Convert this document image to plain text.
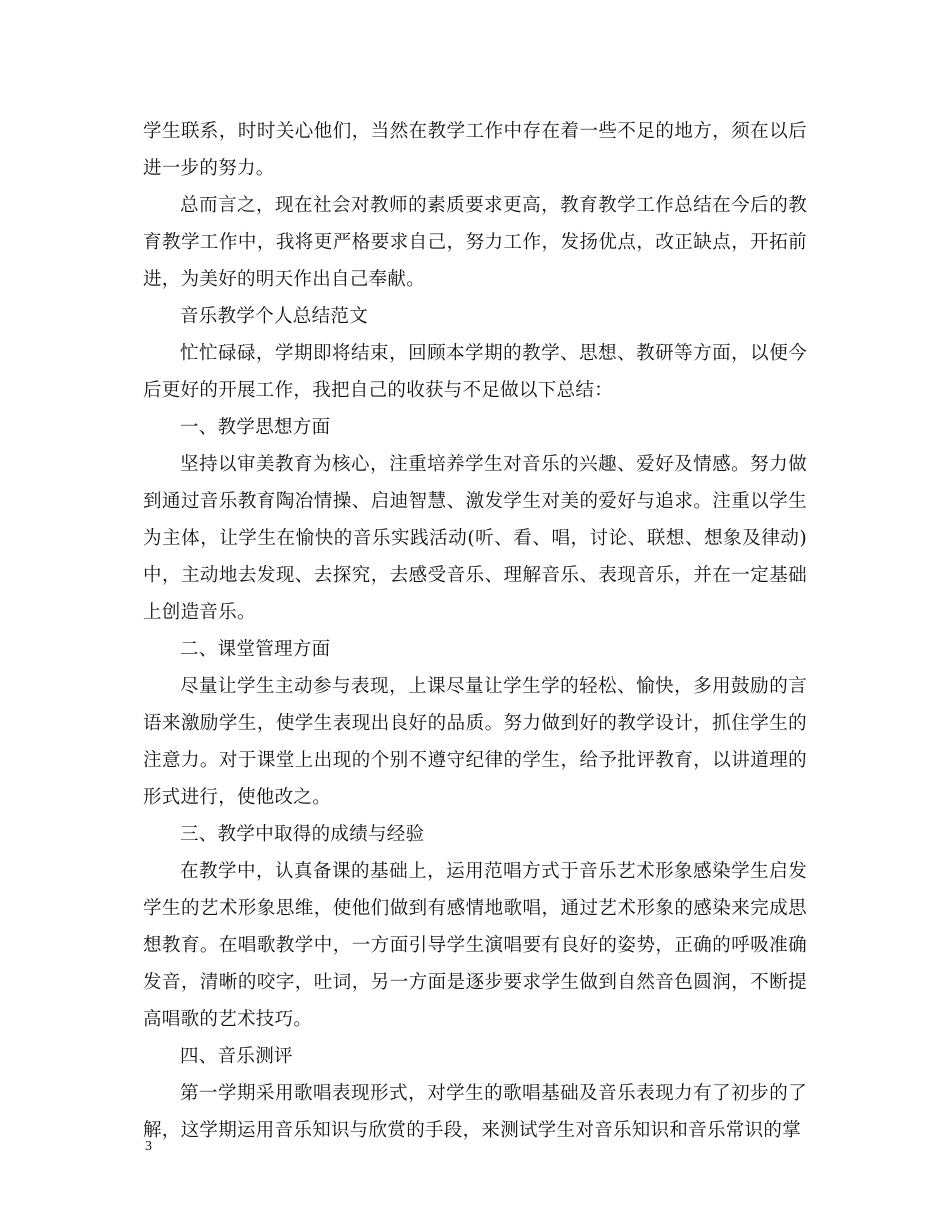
学生联系，时时关心他们，当然在教学工作中存在着一些不足的地方，须在以后进一步的努力。

总而言之，现在社会对教师的素质要求更高，教育教学工作总结在今后的教育教学工作中，我将更严格要求自己，努力工作，发扬优点，改正缺点，开拓前进，为美好的明天作出自己奉献。

音乐教学个人总结范文

忙忙碌碌，学期即将结束，回顾本学期的教学、思想、教研等方面，以便今后更好的开展工作，我把自己的收获与不足做以下总结：

一、教学思想方面

坚持以审美教育为核心，注重培养学生对音乐的兴趣、爱好及情感。努力做到通过音乐教育陶冶情操、启迪智慧、激发学生对美的爱好与追求。注重以学生为主体，让学生在愉快的音乐实践活动(听、看、唱，讨论、联想、想象及律动)中，主动地去发现、去探究，去感受音乐、理解音乐、表现音乐，并在一定基础上创造音乐。

二、课堂管理方面

尽量让学生主动参与表现，上课尽量让学生学的轻松、愉快，多用鼓励的言语来激励学生，使学生表现出良好的品质。努力做到好的教学设计，抓住学生的注意力。对于课堂上出现的个别不遵守纪律的学生，给予批评教育，以讲道理的形式进行，使他改之。

三、教学中取得的成绩与经验

在教学中，认真备课的基础上，运用范唱方式于音乐艺术形象感染学生启发学生的艺术形象思维，使他们做到有感情地歌唱，通过艺术形象的感染来完成思想教育。在唱歌教学中，一方面引导学生演唱要有良好的姿势，正确的呼吸准确发音，清晰的咬字，吐词，另一方面是逐步要求学生做到自然音色圆润，不断提高唱歌的艺术技巧。

四、音乐测评

第一学期采用歌唱表现形式，对学生的歌唱基础及音乐表现力有了初步的了解，这学期运用音乐知识与欣赏的手段，来测试学生对音乐知识和音乐常识的掌

3
